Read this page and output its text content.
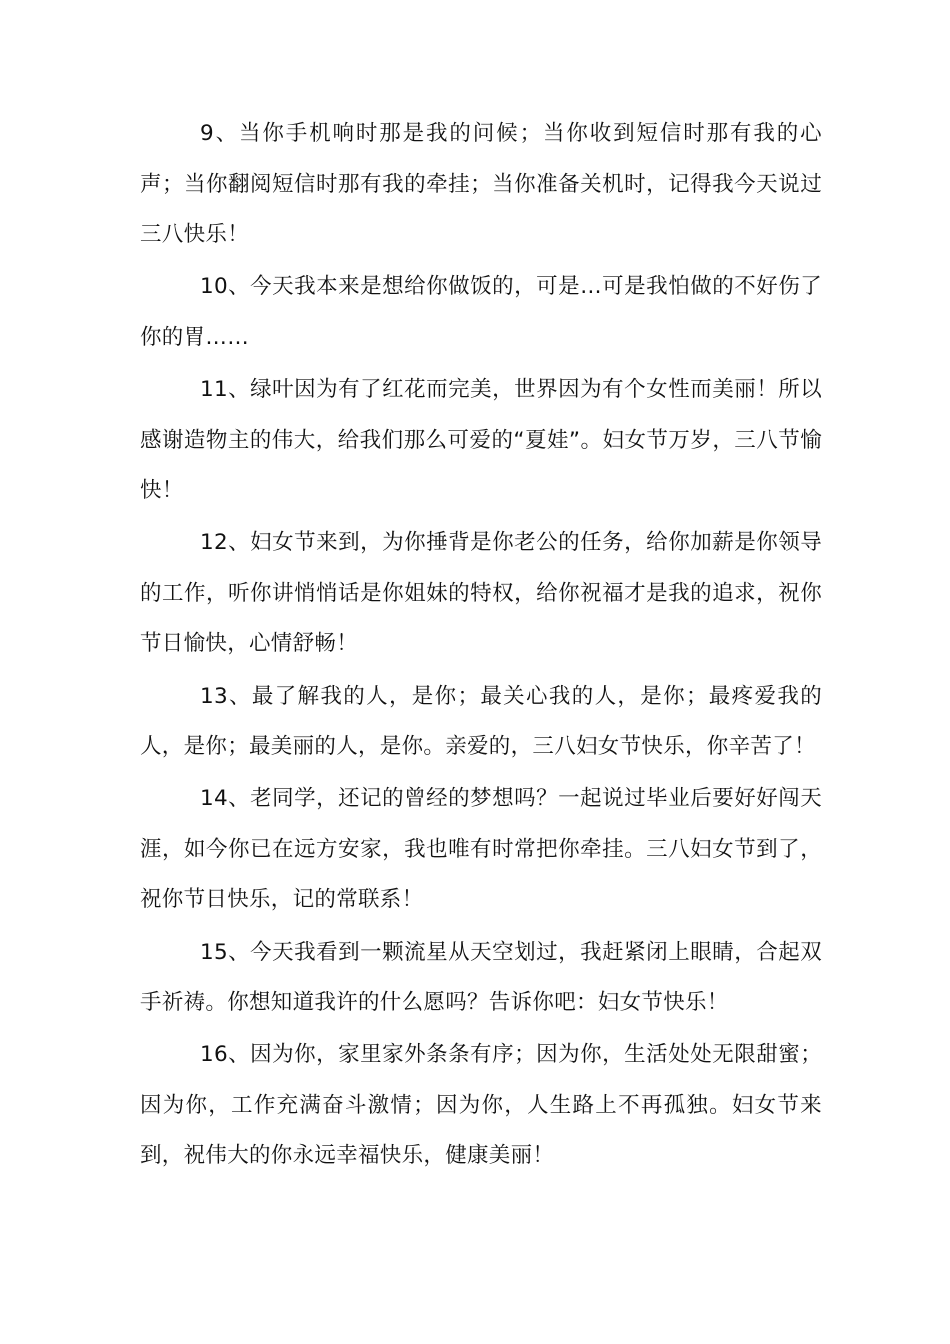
9、当你手机响时那是我的问候；当你收到短信时那有我的心声；当你翻阅短信时那有我的牵挂；当你准备关机时，记得我今天说过三八快乐！

10、今天我本来是想给你做饭的，可是…可是我怕做的不好伤了你的胃……

11、绿叶因为有了红花而完美，世界因为有个女性而美丽！所以感谢造物主的伟大，给我们那么可爱的“夏娃”。妇女节万岁，三八节愉快！

12、妇女节来到，为你捶背是你老公的任务，给你加薪是你领导的工作，听你讲悄悄话是你姐妹的特权，给你祝福才是我的追求，祝你节日愉快，心情舒畅！

13、最了解我的人，是你；最关心我的人，是你；最疼爱我的人，是你；最美丽的人，是你。亲爱的，三八妇女节快乐，你辛苦了！

14、老同学，还记的曾经的梦想吗？一起说过毕业后要好好闯天涯，如今你已在远方安家，我也唯有时常把你牵挂。三八妇女节到了，祝你节日快乐，记的常联系！

15、今天我看到一颗流星从天空划过，我赶紧闭上眼睛，合起双手祈祷。你想知道我许的什么愿吗？告诉你吧：妇女节快乐！

16、因为你，家里家外条条有序；因为你，生活处处无限甜蜜；因为你，工作充满奋斗激情；因为你，人生路上不再孤独。妇女节来到，祝伟大的你永远幸福快乐，健康美丽！
